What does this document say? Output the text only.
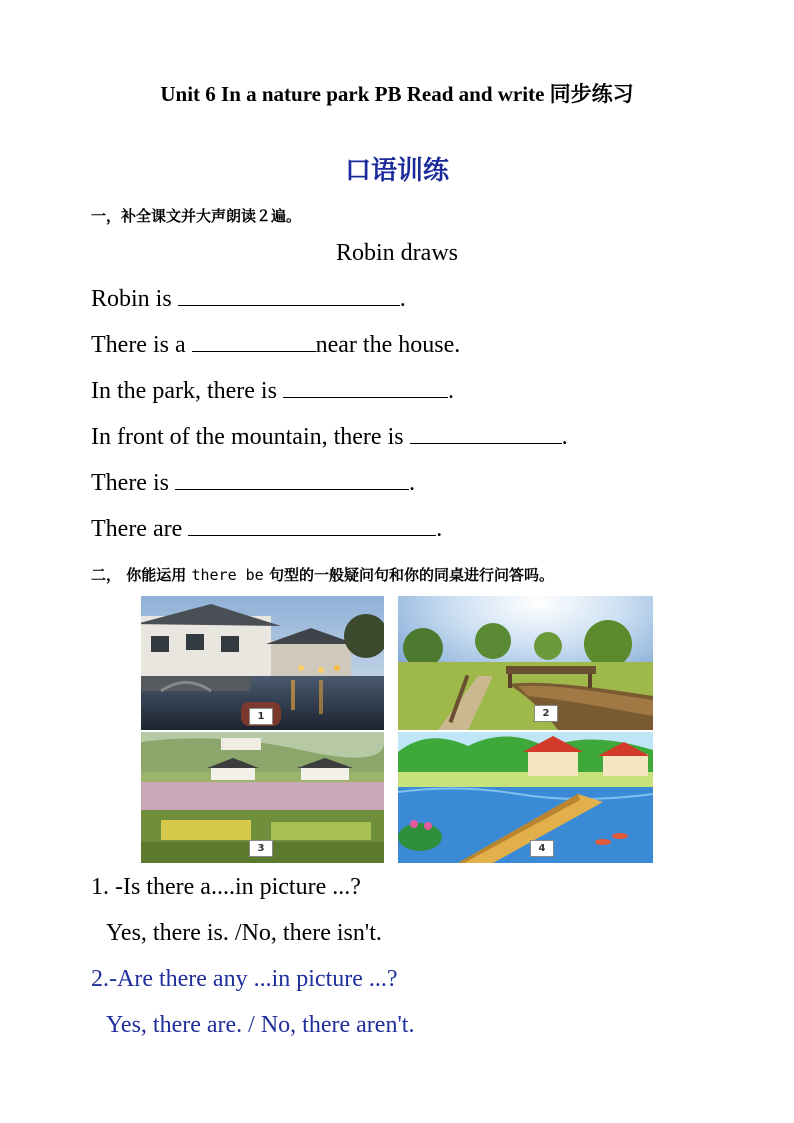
Unit 6 In a nature park PB Read and write 同步练习
口语训练
一，补全课文并大声朗读２遍。
Robin draws
Robin is	.
There is a	near the house.
In the park, there is	.
In front of the mountain, there is	.
There is	.
There are	.
二， 你能运用 there be 句型的一般疑问句和你的同桌进行问答吗。
1	2
3	4
1. -Is there a....in picture ...?
Yes, there is. /No, there isn't.
2.-Are there any ...in picture ...?
Yes, there are. / No, there aren't.
